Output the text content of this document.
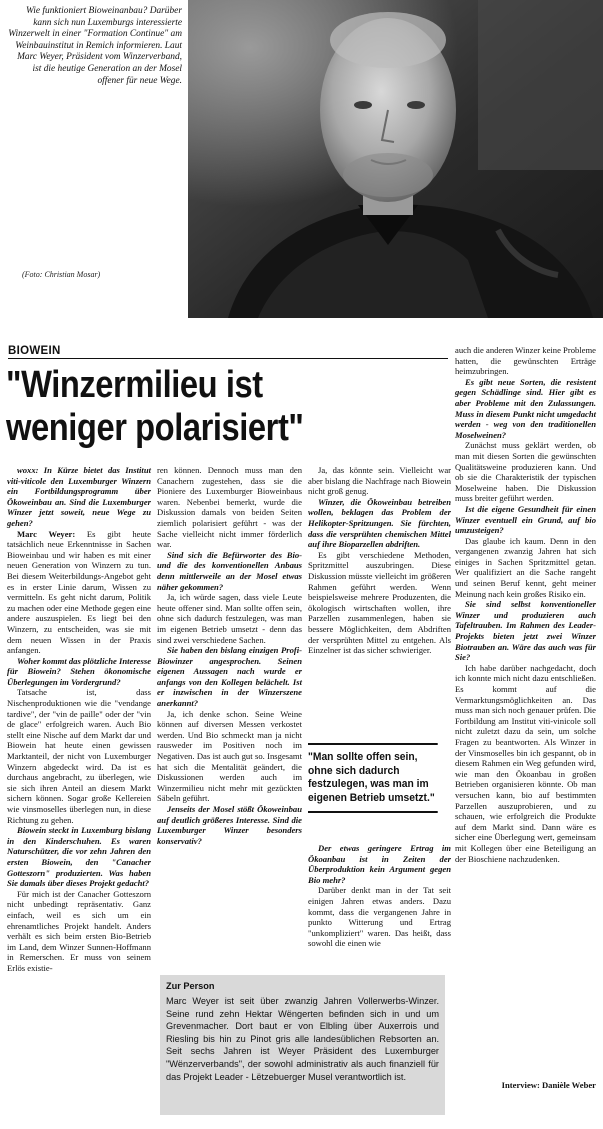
Wie funktioniert Bioweinanbau? Darüber kann sich nun Luxemburgs interessierte Winzerwelt in einer "Formation Continue" am Weinbauinstitut in Remich informieren. Laut Marc Weyer, Präsident vom Winzerverband, ist die heutige Generation an der Mosel offener für neue Wege.
(Foto: Christian Mosar)
BIOWEIN
"Winzermilieu ist weniger polarisiert"

woxx: In Kürze bietet das Institut viti-viticole den Luxemburger Winzern ein Fortbildungsprogramm über Ökoweinbau an. Sind die Luxemburger Winzer jetzt soweit, neue Wege zu gehen?

Marc Weyer: Es gibt heute tatsächlich neue Erkenntnisse in Sachen Bioweinbau und wir haben es mit einer neuen Generation von Winzern zu tun. Bei diesem Weiterbildungs-Angebot geht es in erster Linie darum, Wissen zu vermitteln. Es geht nicht darum, Politik zu machen oder eine Methode gegen eine andere auszuspielen. Es liegt bei den Winzern, zu entscheiden, was sie mit dem neuen Wissen in der Praxis anfangen.

Woher kommt das plötzliche Interesse für Biowein? Stehen ökonomische Überlegungen im Vordergrund?

Tatsache ist, dass Nischenproduktionen wie die "vendange tardive", der "vin de paille" oder der "vin de glace" erfolgreich waren. Auch Bio stellt eine Nische auf dem Markt dar und Biowein hat heute einen gewissen Marktanteil, der nicht von Luxemburger Winzern abgedeckt wird. Da ist es durchaus angebracht, zu überlegen, wie sie sich ihren Anteil an diesem Markt sichern können. Sogar große Kellereien wie vinsmoselles überlegen nun, in diese Richtung zu gehen.

Biowein steckt in Luxemburg bislang in den Kinderschuhen. Es waren Naturschützer, die vor zehn Jahren den ersten Biowein, den "Canacher Gotteszorn" produzierten. Was haben Sie damals über dieses Projekt gedacht?

Für mich ist der Canacher Gotteszorn nicht unbedingt repräsentativ. Ganz einfach, weil es sich um ein ehrenamtliches Projekt handelt. Anders verhält es sich beim ersten Bio-Betrieb im Land, dem Winzer Sunnen-Hoffmann in Remerschen. Er muss von seinem Erlös existie-

ren können. Dennoch muss man den Canachern zugestehen, dass sie die Pioniere des Luxemburger Bioweinbaus waren. Nebenbei bemerkt, wurde die Diskussion damals von beiden Seiten ziemlich polarisiert geführt - was der Sache vielleicht nicht immer förderlich war.

Sind sich die Befürworter des Bio- und die des konventionellen Anbaus denn mittlerweile an der Mosel etwas näher gekommen?

Ja, ich würde sagen, dass viele Leute heute offener sind. Man sollte offen sein, ohne sich dadurch festzulegen, was man im eigenen Betrieb umsetzt - denn das sind zwei verschiedene Sachen.

Sie haben den bislang einzigen Profi-Biowinzer angesprochen. Seinen eigenen Aussagen nach wurde er anfangs von den Kollegen belächelt. Ist er inzwischen in der Winzerszene anerkannt?

Ja, ich denke schon. Seine Weine können auf diversen Messen verkostet werden. Und Bio schmeckt man ja nicht rausweder im Positiven noch im Negativen. Das ist auch gut so. Insgesamt hat sich die Mentalität geändert, die Diskussionen werden auch im Winzermilieu nicht mehr mit gezückten Säbeln geführt.

Jenseits der Mosel stößt Ökoweinbau auf deutlich größeres Interesse. Sind die Luxemburger Winzer besonders konservativ?

Ja, das könnte sein. Vielleicht war aber bislang die Nachfrage nach Biowein nicht groß genug.

Winzer, die Ökoweinbau betreiben wollen, beklagen das Problem der Helikopter-Spritzungen. Sie fürchten, dass die versprühten chemischen Mittel auf ihre Bioparzellen abdriften.

Es gibt verschiedene Methoden, Spritzmittel auszubringen. Diese Diskussion müsste vielleicht im größeren Rahmen geführt werden. Wenn beispielsweise mehrere Produzenten, die ökologisch wirtschaften wollen, ihre Parzellen zusammenlegen, haben sie bessere Möglichkeiten, dem Abdriften der versprühten Mittel zu entgehen. Als Einzelner ist das sicher schwieriger.

"Man sollte offen sein, ohne sich dadurch festzulegen, was man im eigenen Betrieb umsetzt."

Der etwas geringere Ertrag im Ökoanbau ist in Zeiten der Überproduktion kein Argument gegen Bio mehr?

Darüber denkt man in der Tat seit einigen Jahren etwas anders. Dazu kommt, dass die vergangenen Jahre in punkto Witterung und Ertrag "unkompliziert" waren. Das heißt, dass sowohl die einen wie

auch die anderen Winzer keine Probleme hatten, die gewünschten Erträge heimzubringen.

Es gibt neue Sorten, die resistent gegen Schädlinge sind. Hier gibt es aber Probleme mit den Zulassungen. Muss in diesem Punkt nicht umgedacht werden - weg von den traditionellen Moselweinen?

Zunächst muss geklärt werden, ob man mit diesen Sorten die gewünschten Qualitätsweine produzieren kann. Und ob sie die Charakteristik der typischen Moselweine haben. Die Diskussion muss breiter geführt werden.

Ist die eigene Gesundheit für einen Winzer eventuell ein Grund, auf bio umzusteigen?

Das glaube ich kaum. Denn in den vergangenen zwanzig Jahren hat sich einiges in Sachen Spritzmittel getan. Wer qualifiziert an die Sache rangeht und seinen Beruf kennt, geht meiner Meinung nach kein großes Risiko ein.

Sie sind selbst konventioneller Winzer und produzieren auch Tafeltrauben. Im Rahmen des Leader-Projekts bieten jetzt zwei Winzer Biotrauben an. Wäre das auch was für Sie?

Ich habe darüber nachgedacht, doch ich konnte mich nicht dazu entschließen. Es kommt auf die Vermarktungsmöglichkeiten an. Das muss man sich noch genauer prüfen. Die Fortbildung am Institut viti-vinicole soll nicht zuletzt dazu da sein, um solche Fragen zu beantworten. Als Winzer in der Vinsmoselles bin ich gespannt, ob in diesem Rahmen ein Weg gefunden wird, wie man den Ökoanbau in großen Betrieben organisieren könnte. Ob man versuchen kann, bio auf bestimmten Parzellen auszuprobieren, und zu schauen, wie erfolgreich die Produkte auf dem Markt sind. Dann wäre es sicher eine Überlegung wert, gemeinsam mit Kollegen über eine Beteiligung an der Bioschiene nachzudenken.

Zur Person
Marc Weyer ist seit über zwanzig Jahren Vollerwerbs-Winzer. Seine rund zehn Hektar Wëngerten befinden sich in und um Grevenmacher. Dort baut er von Elbling über Auxerrois und Riesling bis hin zu Pinot gris alle landesüblichen Rebsorten an. Seit sechs Jahren ist Weyer Präsident des Luxemburger "Wënzerverbands", der sowohl administrativ als auch finanziell für das Projekt Leader - Lëtzebuerger Musel verantwortlich ist.
Interview: Danièle Weber
